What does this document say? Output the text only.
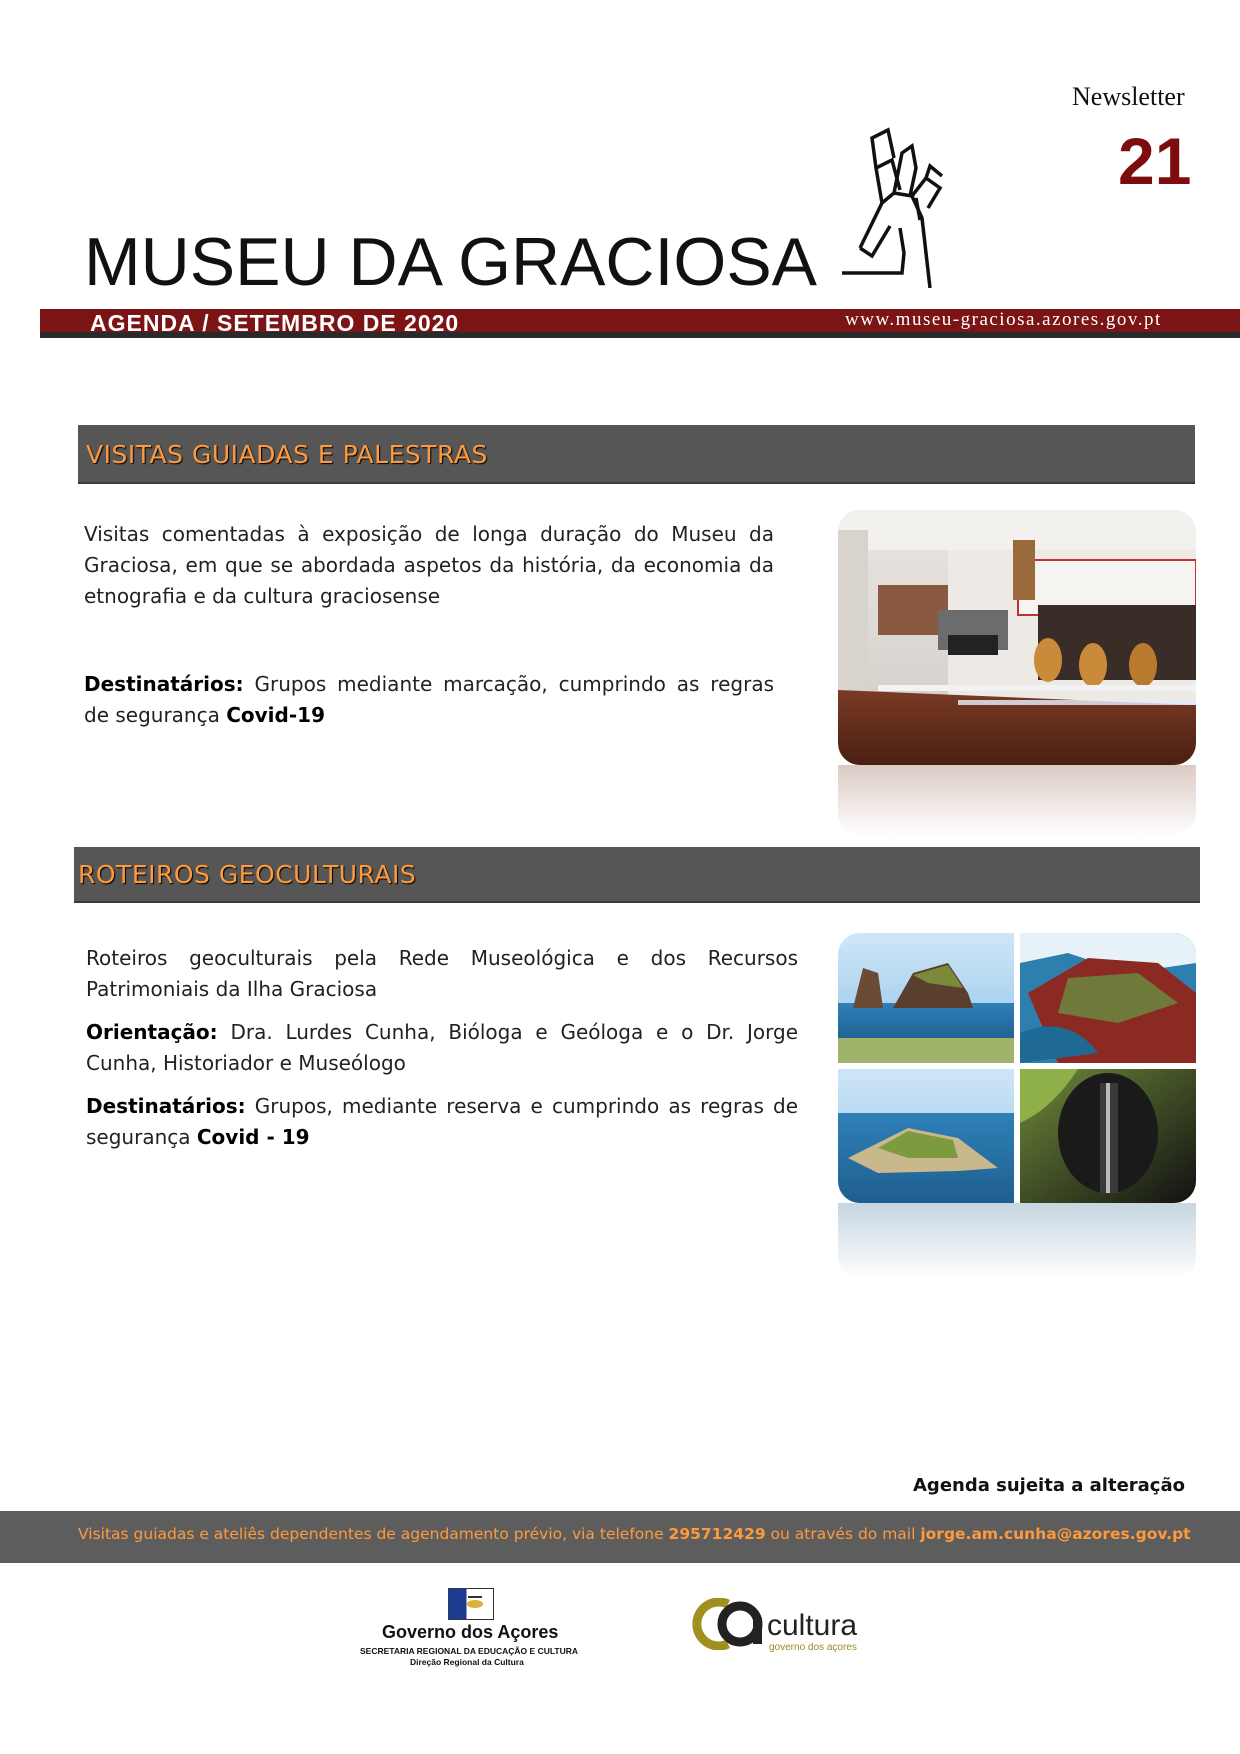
Newsletter
21
MUSEU DA GRACIOSA
AGENDA / SETEMBRO DE 2020	www.museu-graciosa.azores.gov.pt
VISITAS GUIADAS E PALESTRAS
Visitas comentadas à exposição de longa duração do Museu da Graciosa, em que se abordada aspetos da história, da economia da etnografia e da cultura graciosense
Destinatários: Grupos mediante marcação, cumprindo as regras de segurança Covid-19
ROTEIROS GEOCULTURAIS
Roteiros geoculturais pela Rede Museológica e dos Recursos Patrimoniais da Ilha Graciosa
Orientação: Dra. Lurdes Cunha, Bióloga e Geóloga e o Dr. Jorge Cunha, Historiador e Museólogo
Destinatários: Grupos, mediante reserva e cumprindo as regras de segurança Covid - 19
Agenda sujeita a alteração
Visitas guiadas e ateliês dependentes de agendamento prévio, via telefone 295712429 ou através do mail jorge.am.cunha@azores.gov.pt
Governo dos Açores
SECRETARIA REGIONAL DA EDUCAÇÃO E CULTURA
Direção Regional da Cultura
cultura
governo dos açores
